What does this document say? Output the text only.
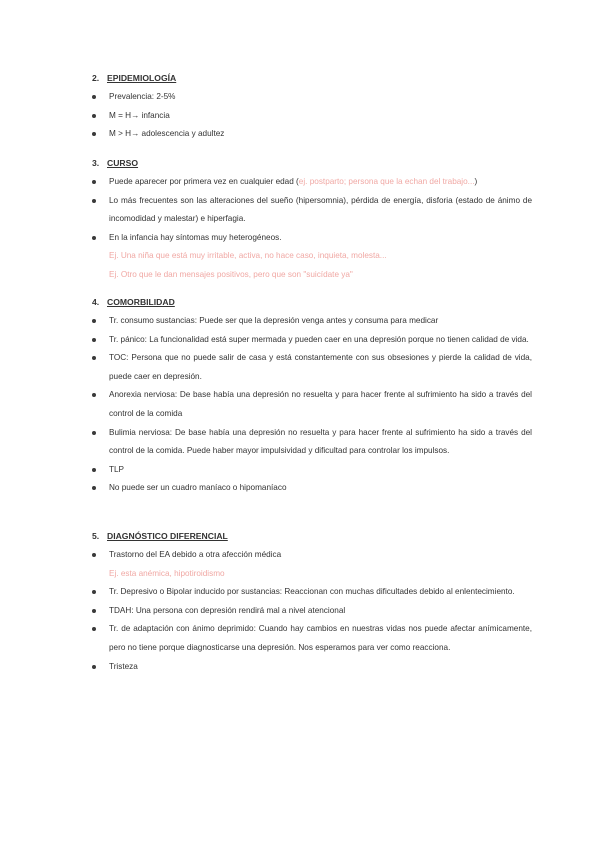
2. EPIDEMIOLOGÍA
Prevalencia: 2-5%
M = H→ infancia
M > H→ adolescencia y adultez
3. CURSO
Puede aparecer por primera vez en cualquier edad (ej. postparto; persona que la echan del trabajo...)
Lo más frecuentes son las alteraciones del sueño (hipersomnia), pérdida de energía, disforia (estado de ánimo de incomodidad y malestar) e hiperfagia.
En la infancia hay síntomas muy heterogéneos.
Ej. Una niña que está muy irritable, activa, no hace caso, inquieta, molesta...
Ej. Otro que le dan mensajes positivos, pero que son "suicídate ya"
4. COMORBILIDAD
Tr. consumo sustancias: Puede ser que la depresión venga antes y consuma para medicar
Tr. pánico: La funcionalidad está super mermada y pueden caer en una depresión porque no tienen calidad de vida.
TOC: Persona que no puede salir de casa y está constantemente con sus obsesiones y pierde la calidad de vida, puede caer en depresión.
Anorexia nerviosa: De base había una depresión no resuelta y para hacer frente al sufrimiento ha sido a través del control de la comida
Bulimia nerviosa: De base había una depresión no resuelta y para hacer frente al sufrimiento ha sido a través del control de la comida. Puede haber mayor impulsividad y dificultad para controlar los impulsos.
TLP
No puede ser un cuadro maníaco o hipomaníaco
5. DIAGNÓSTICO DIFERENCIAL
Trastorno del EA debido a otra afección médica
Ej. esta anémica, hipotiroidismo
Tr. Depresivo o Bipolar inducido por sustancias: Reaccionan con muchas dificultades debido al enlentecimiento.
TDAH: Una persona con depresión rendirá mal a nivel atencional
Tr. de adaptación con ánimo deprimido: Cuando hay cambios en nuestras vidas nos puede afectar anímicamente, pero no tiene porque diagnosticarse una depresión. Nos esperamos para ver como reacciona.
Tristeza
